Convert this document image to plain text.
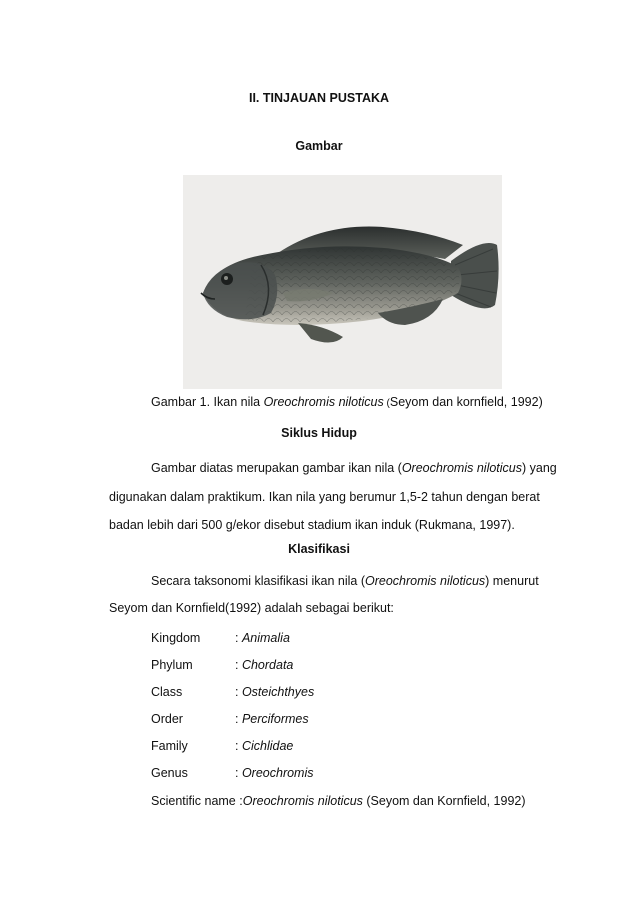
II. TINJAUAN PUSTAKA
Gambar
Gambar 1. Ikan nila Oreochromis niloticus (Seyom dan kornfield, 1992)
Siklus Hidup
Gambar diatas merupakan gambar ikan nila (Oreochromis niloticus) yang
digunakan dalam praktikum. Ikan nila yang berumur 1,5-2 tahun dengan berat
badan lebih dari 500 g/ekor disebut stadium ikan induk (Rukmana, 1997).
Klasifikasi
Secara taksonomi klasifikasi ikan nila (Oreochromis niloticus) menurut
Seyom dan Kornfield(1992) adalah sebagai berikut:
Kingdom	: Animalia
Phylum	: Chordata
Class	: Osteichthyes
Order	: Perciformes
Family	: Cichlidae
Genus	: Oreochromis
Scientific name :Oreochromis niloticus (Seyom dan Kornfield, 1992)
